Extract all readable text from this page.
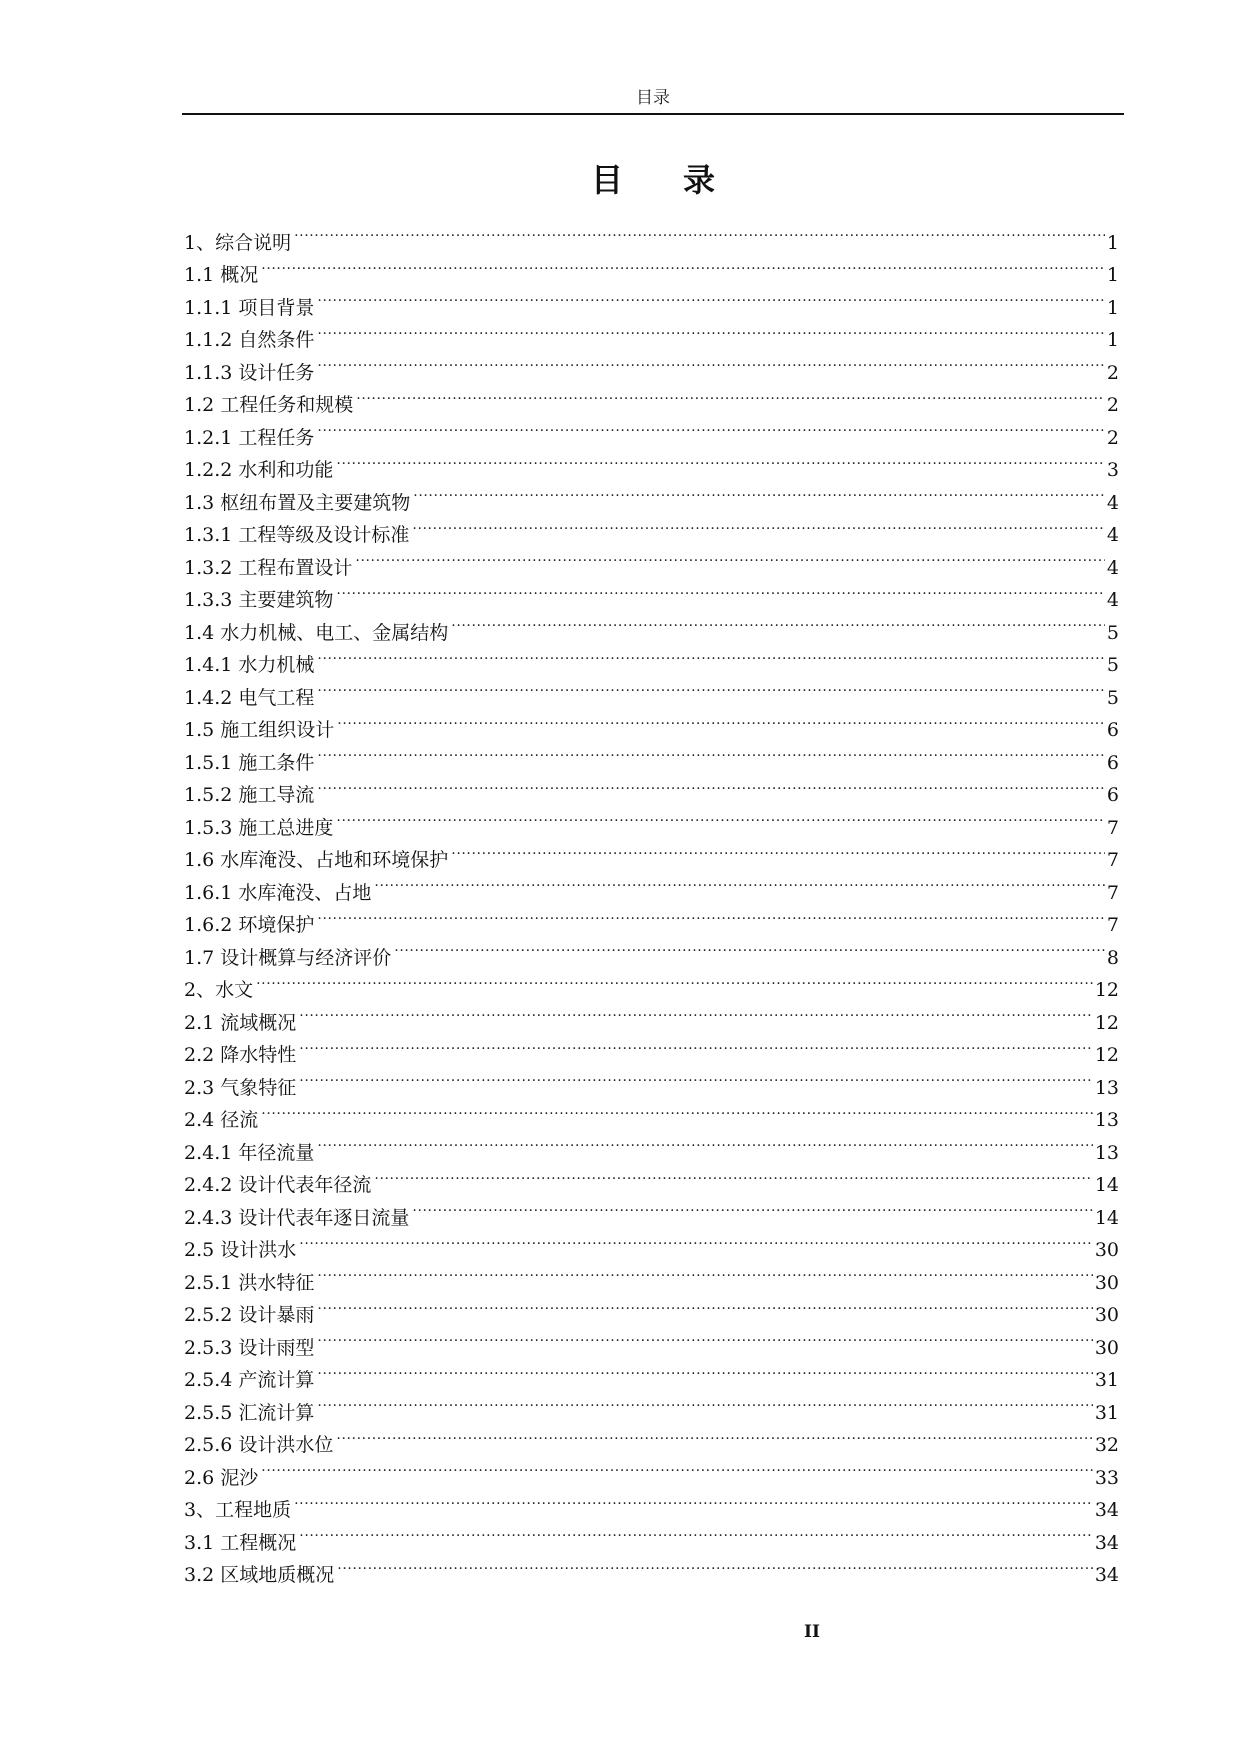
目录
目录
1、综合说明 .....	1
1.1 概况 .....	1
1.1.1 项目背景 .....	1
1.1.2 自然条件 .....	1
1.1.3 设计任务 .....	2
1.2 工程任务和规模 .....	2
1.2.1 工程任务 .....	2
1.2.2 水利和功能 .....	3
1.3 枢纽布置及主要建筑物 .....	4
1.3.1 工程等级及设计标准 .....	4
1.3.2 工程布置设计 .....	4
1.3.3 主要建筑物 .....	4
1.4 水力机械、电工、金属结构 .....	5
1.4.1 水力机械 .....	5
1.4.2 电气工程 .....	5
1.5 施工组织设计 .....	6
1.5.1 施工条件 .....	6
1.5.2 施工导流 .....	6
1.5.3 施工总进度 .....	7
1.6 水库淹没、占地和环境保护 .....	7
1.6.1 水库淹没、占地 .....	7
1.6.2 环境保护 .....	7
1.7 设计概算与经济评价 .....	8
2、水文 .....	12
2.1 流域概况 .....	12
2.2 降水特性 .....	12
2.3 气象特征 .....	13
2.4 径流 .....	13
2.4.1 年径流量 .....	13
2.4.2 设计代表年径流 .....	14
2.4.3 设计代表年逐日流量 .....	14
2.5 设计洪水 .....	30
2.5.1 洪水特征 .....	30
2.5.2 设计暴雨 .....	30
2.5.3 设计雨型 .....	30
2.5.4 产流计算 .....	31
2.5.5 汇流计算 .....	31
2.5.6 设计洪水位 .....	32
2.6 泥沙 .....	33
3、工程地质 .....	34
3.1 工程概况 .....	34
3.2 区域地质概况 .....	34
II
